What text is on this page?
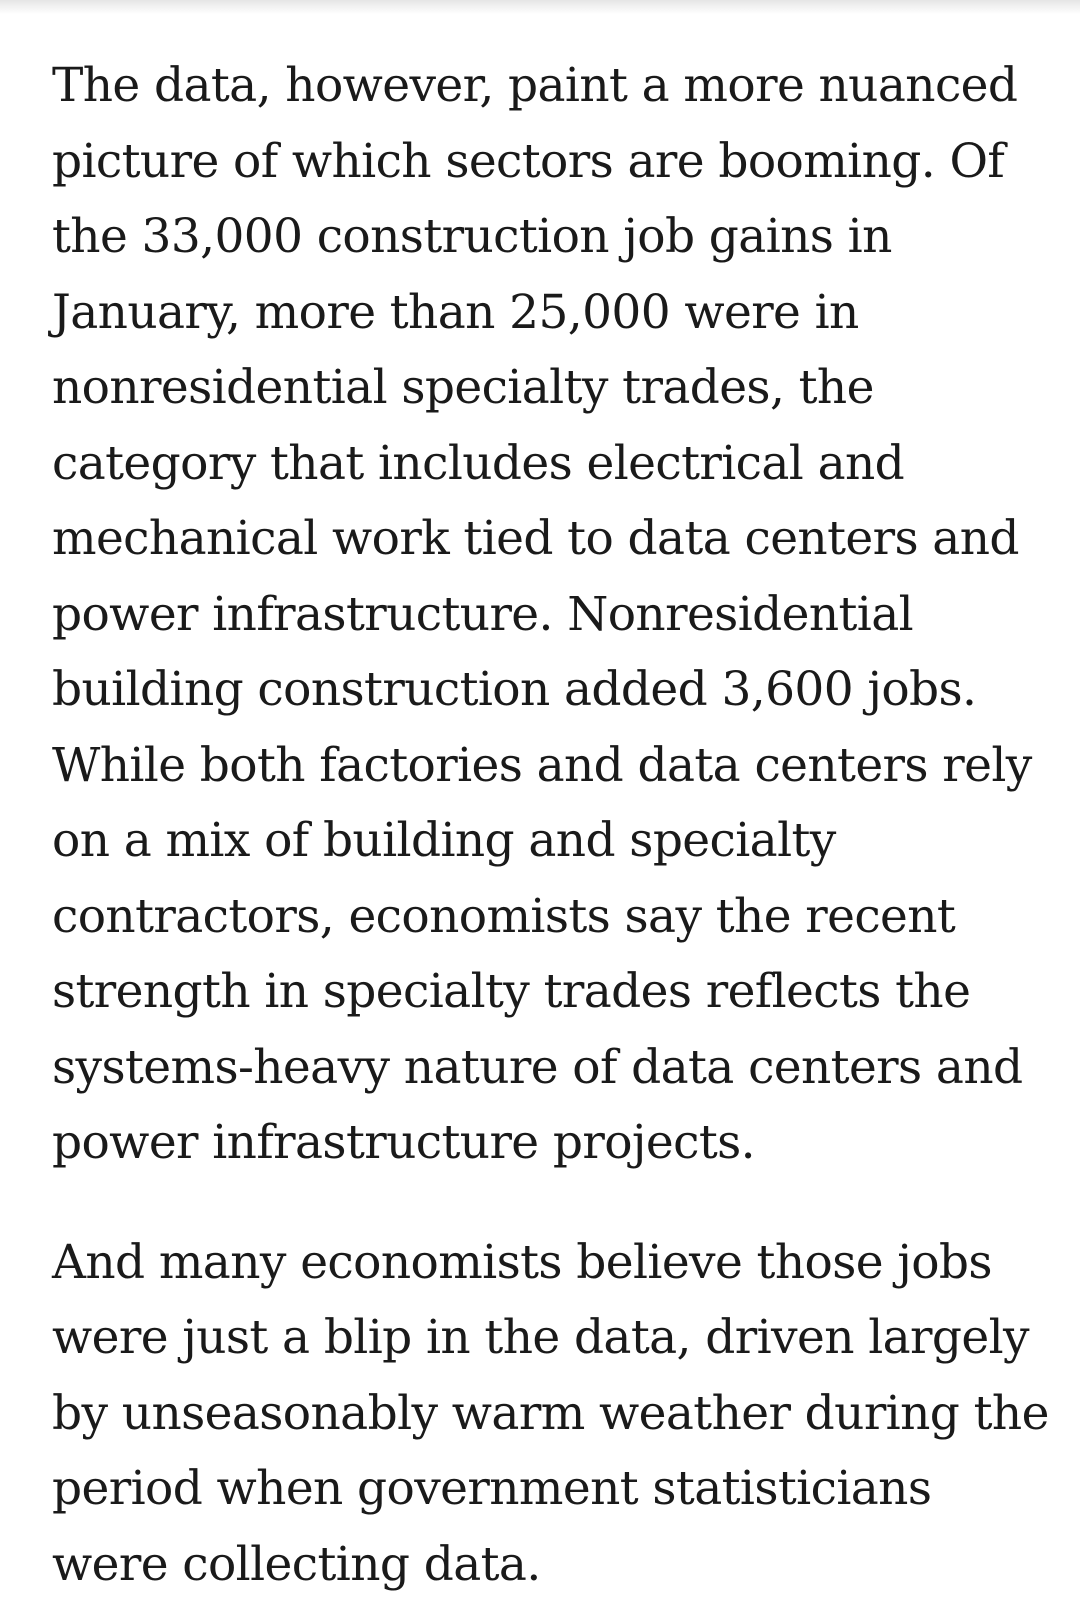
The data, however, paint a more nuanced picture of which sectors are booming. Of the 33,000 construction job gains in January, more than 25,000 were in nonresidential specialty trades, the category that includes electrical and mechanical work tied to data centers and power infrastructure. Nonresidential building construction added 3,600 jobs. While both factories and data centers rely on a mix of building and specialty contractors, economists say the recent strength in specialty trades reflects the systems-heavy nature of data centers and power infrastructure projects.

And many economists believe those jobs were just a blip in the data, driven largely by unseasonably warm weather during the period when government statisticians were collecting data.
